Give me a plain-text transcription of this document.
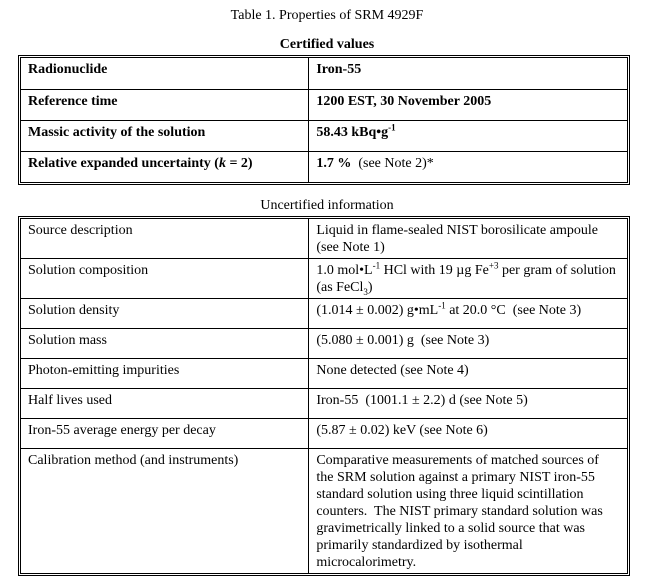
Table 1. Properties of SRM 4929F
Certified values
Radionuclide	Iron-55
Reference time	1200 EST, 30 November 2005
Massic activity of the solution	58.43 $kBq•g^{-1}$
Relative expanded uncertainty (k = 2)	1.7 %  (see Note 2)*
Uncertified information
Source description	Liquid in flame-sealed NIST borosilicate ampoule (see Note 1)
Solution composition	1.0 $mol•L^{-1}$ HCl with 19 µg $Fe^{+3}$ per gram of solution (as FeCl$_3$)
Solution density	(1.014 ± 0.002) $g•mL^{-1}$ at 20.0 °C  (see Note 3)
Solution mass	(5.080 ± 0.001) g  (see Note 3)
Photon-emitting impurities	None detected (see Note 4)
Half lives used	Iron-55  (1001.1 ± 2.2) d (see Note 5)
Iron-55 average energy per decay	(5.87 ± 0.02) keV (see Note 6)
Calibration method (and instruments)	Comparative measurements of matched sources of the SRM solution against a primary NIST iron-55 standard solution using three liquid scintillation counters.  The NIST primary standard solution was gravimetrically linked to a solid source that was primarily standardized by isothermal microcalorimetry.
